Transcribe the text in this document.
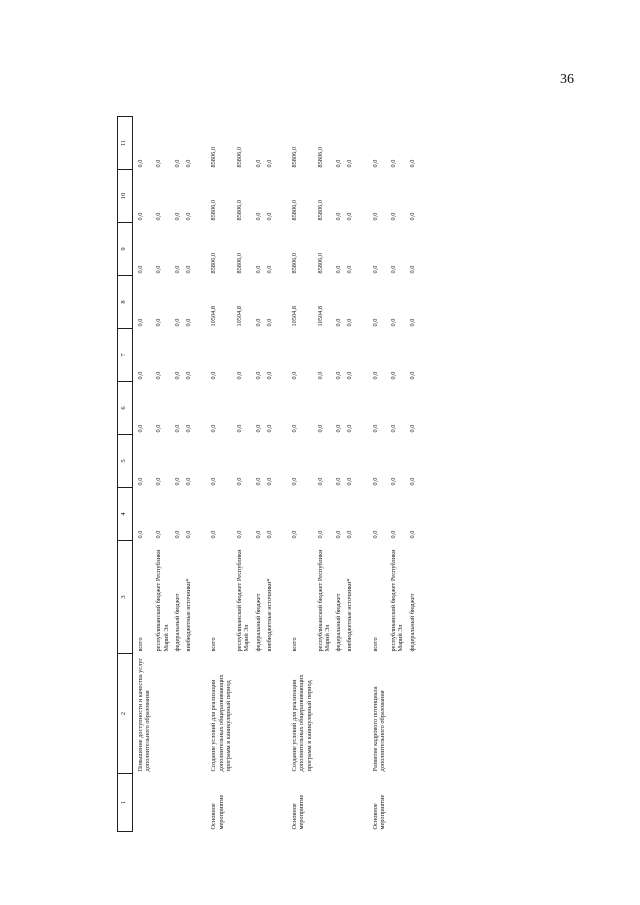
36
1	2	3	4	5	6	7	8	9	10	11
	Повышение доступности и качества услуг дополнительного образования	всего	0,0	0,0	0,0	0,0	0,0	0,0	0,0	0,0
		республиканский бюджет Республики Марий Эл	0,0	0,0	0,0	0,0	0,0	0,0	0,0	0,0
		федеральный бюджет	0,0	0,0	0,0	0,0	0,0	0,0	0,0	0,0
		внебюджетные источники*	0,0	0,0	0,0	0,0	0,0	0,0	0,0	0,0

Основное мероприятие	Создание условий для реализации дополнительных общеразвивающих программ в каникулярный период	всего	0,0	0,0	0,0	0,0	10504,8	85806,0	85806,0	85806,0
		республиканский бюджет Республики Марий Эл	0,0	0,0	0,0	0,0	10504,8	85806,0	85806,0	85806,0
		федеральный бюджет	0,0	0,0	0,0	0,0	0,0	0,0	0,0	0,0
		внебюджетные источники*	0,0	0,0	0,0	0,0	0,0	0,0	0,0	0,0

Основное мероприятие	Создание условий для реализации дополнительных общеразвивающих программ в каникулярный период	всего	0,0	0,0	0,0	0,0	10504,8	85806,0	85806,0	85806,0
		республиканский бюджет Республики Марий Эл	0,0	0,0	0,0	0,0	10504,8	85806,0	85806,0	85806,0
		федеральный бюджет	0,0	0,0	0,0	0,0	0,0	0,0	0,0	0,0
		внебюджетные источники*	0,0	0,0	0,0	0,0	0,0	0,0	0,0	0,0

Основное мероприятие	Развитие кадрового потенциала дополнительного образования	всего	0,0	0,0	0,0	0,0	0,0	0,0	0,0	0,0
		республиканский бюджет Республики Марий Эл	0,0	0,0	0,0	0,0	0,0	0,0	0,0	0,0
		федеральный бюджет	0,0	0,0	0,0	0,0	0,0	0,0	0,0	0,0
